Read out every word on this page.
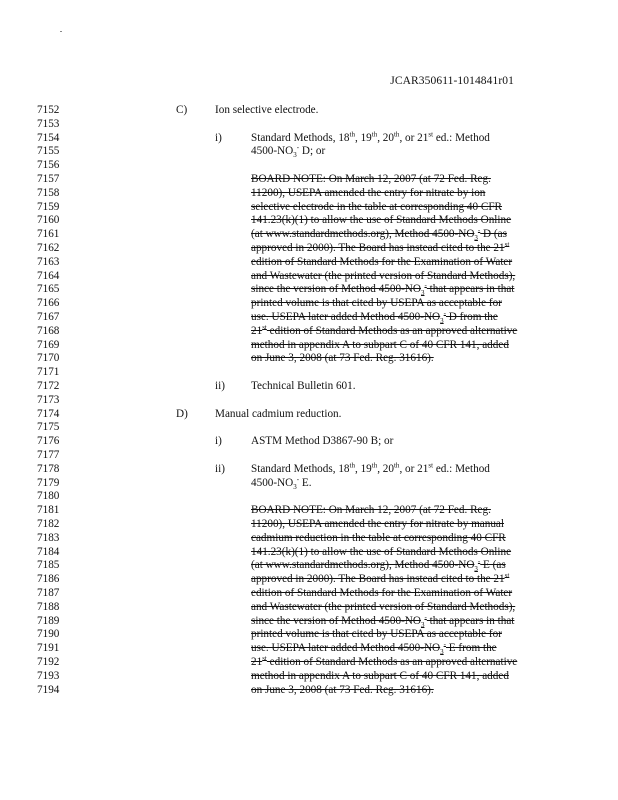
JCAR350611-1014841r01
7152	C) Ion selective electrode.
7153
7154	i)	Standard Methods, 18th, 19th, 20th, or 21st ed.: Method
7155	$4500-NO_3^-$ D; or
7156
7157	BOARD NOTE: On March 12, 2007 (at 72 Fed. Reg.
7158	11200), USEPA amended the entry for nitrate by ion
7159	selective electrode in the table at corresponding 40 CFR
7160	141.23(k)(1) to allow the use of Standard Methods Online
7161	(at www.standardmethods.org), Method $4500-NO_3^-$ D (as
7162	approved in 2000). The Board has instead cited to the 21st
7163	edition of Standard Methods for the Examination of Water
7164	and Wastewater (the printed version of Standard Methods),
7165	since the version of Method $4500-NO_3^-$ that appears in that
7166	printed volume is that cited by USEPA as acceptable for
7167	use. USEPA later added Method $4500-NO_3^-$ D from the
7168	21st edition of Standard Methods as an approved alternative
7169	method in appendix A to subpart C of 40 CFR 141, added
7170	on June 3, 2008 (at 73 Fed. Reg. 31616).
7171
7172	ii) Technical Bulletin 601.
7173
7174	D) Manual cadmium reduction.
7175
7176	i)	ASTM Method D3867-90 B; or
7177
7178	ii) Standard Methods, 18th, 19th, 20th, or 21st ed.: Method
7179	$4500-NO_3^-$ E.
7180
7181	BOARD NOTE: On March 12, 2007 (at 72 Fed. Reg.
7182	11200), USEPA amended the entry for nitrate by manual
7183	cadmium reduction in the table at corresponding 40 CFR
7184	141.23(k)(1) to allow the use of Standard Methods Online
7185	(at www.standardmethods.org), Method $4500-NO_3^-$ E (as
7186	approved in 2000). The Board has instead cited to the 21st
7187	edition of Standard Methods for the Examination of Water
7188	and Wastewater (the printed version of Standard Methods),
7189	since the version of Method $4500-NO_3^-$ that appears in that
7190	printed volume is that cited by USEPA as acceptable for
7191	use. USEPA later added Method $4500-NO_3^-$ E from the
7192	21st edition of Standard Methods as an approved alternative
7193	method in appendix A to subpart C of 40 CFR 141, added
7194	on June 3, 2008 (at 73 Fed. Reg. 31616).
